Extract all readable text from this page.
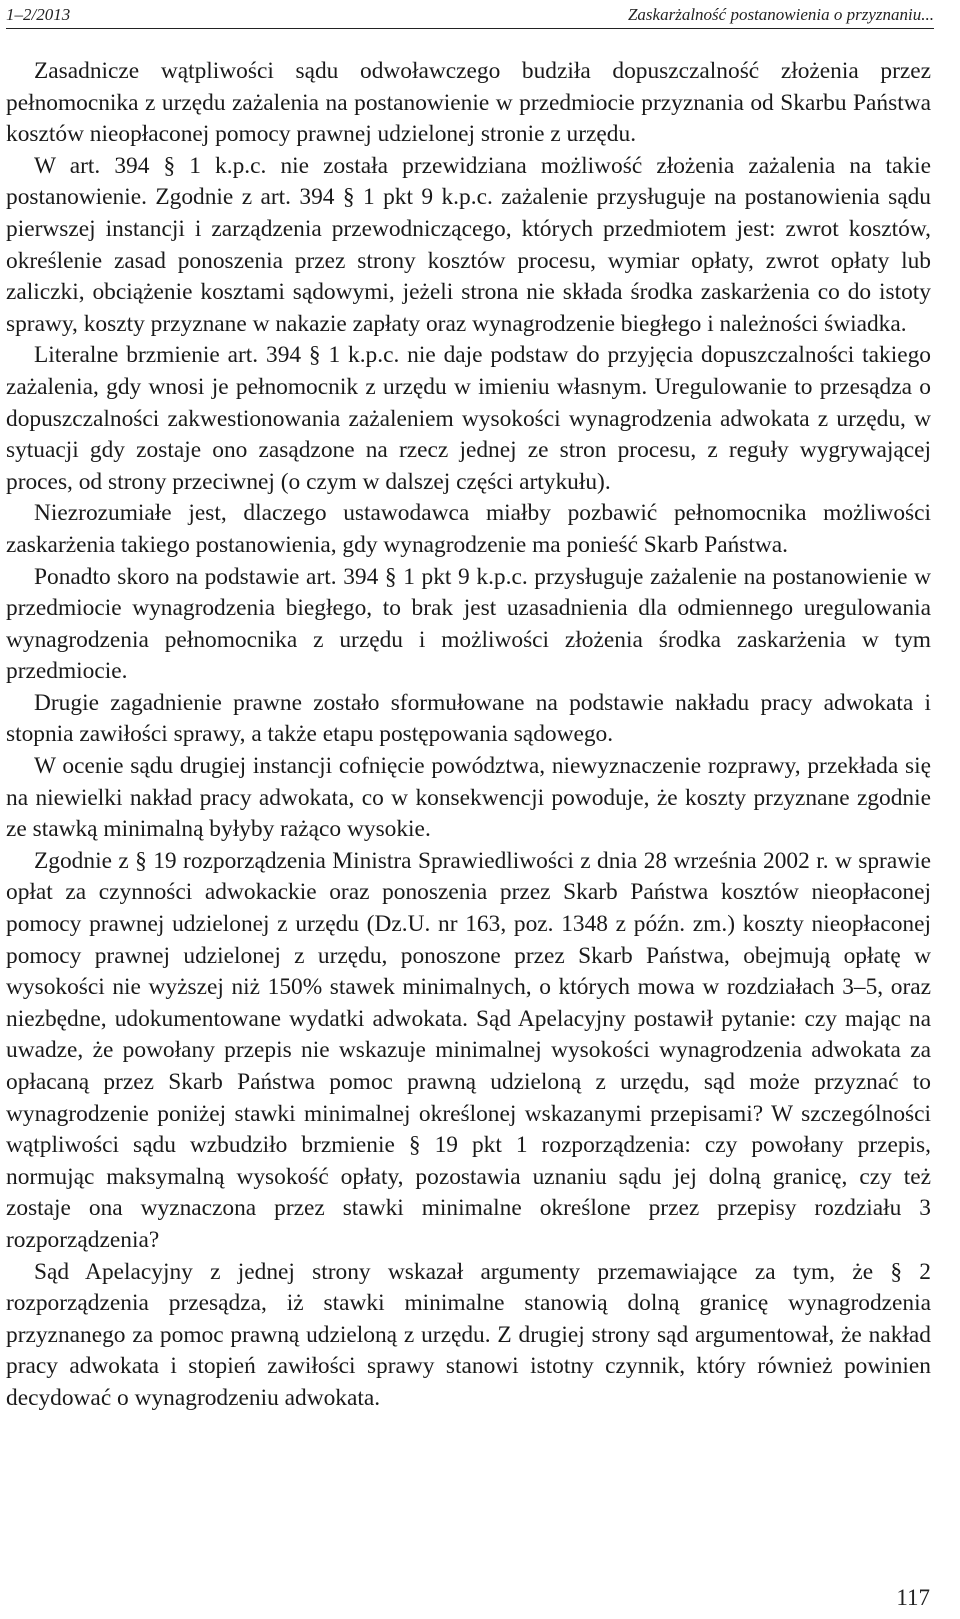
1–2/2013	Zaskarżalność postanowienia o przyznaniu...

Zasadnicze wątpliwości sądu odwoławczego budziła dopuszczalność złożenia przez pełnomocnika z urzędu zażalenia na postanowienie w przedmiocie przyznania od Skarbu Państwa kosztów nieopłaconej pomocy prawnej udzielonej stronie z urzędu.

W art. 394 § 1 k.p.c. nie została przewidziana możliwość złożenia zażalenia na takie postanowienie. Zgodnie z art. 394 § 1 pkt 9 k.p.c. zażalenie przysługuje na postanowienia sądu pierwszej instancji i zarządzenia przewodniczącego, których przedmiotem jest: zwrot kosztów, określenie zasad ponoszenia przez strony kosztów procesu, wymiar opłaty, zwrot opłaty lub zaliczki, obciążenie kosztami sądowymi, jeżeli strona nie składa środka zaskarżenia co do istoty sprawy, koszty przyznane w nakazie zapłaty oraz wynagrodzenie biegłego i należności świadka.

Literalne brzmienie art. 394 § 1 k.p.c. nie daje podstaw do przyjęcia dopuszczalności takiego zażalenia, gdy wnosi je pełnomocnik z urzędu w imieniu własnym. Uregulowanie to przesądza o dopuszczalności zakwestionowania zażaleniem wysokości wynagrodzenia adwokata z urzędu, w sytuacji gdy zostaje ono zasądzone na rzecz jednej ze stron procesu, z reguły wygrywającej proces, od strony przeciwnej (o czym w dalszej części artykułu).

Niezrozumiałe jest, dlaczego ustawodawca miałby pozbawić pełnomocnika możliwości zaskarżenia takiego postanowienia, gdy wynagrodzenie ma ponieść Skarb Państwa.

Ponadto skoro na podstawie art. 394 § 1 pkt 9 k.p.c. przysługuje zażalenie na postanowienie w przedmiocie wynagrodzenia biegłego, to brak jest uzasadnienia dla odmiennego uregulowania wynagrodzenia pełnomocnika z urzędu i możliwości złożenia środka zaskarżenia w tym przedmiocie.

Drugie zagadnienie prawne zostało sformułowane na podstawie nakładu pracy adwokata i stopnia zawiłości sprawy, a także etapu postępowania sądowego.

W ocenie sądu drugiej instancji cofnięcie powództwa, niewyznaczenie rozprawy, przekłada się na niewielki nakład pracy adwokata, co w konsekwencji powoduje, że koszty przyznane zgodnie ze stawką minimalną byłyby rażąco wysokie.

Zgodnie z § 19 rozporządzenia Ministra Sprawiedliwości z dnia 28 września 2002 r. w sprawie opłat za czynności adwokackie oraz ponoszenia przez Skarb Państwa kosztów nieopłaconej pomocy prawnej udzielonej z urzędu (Dz.U. nr 163, poz. 1348 z późn. zm.) koszty nieopłaconej pomocy prawnej udzielonej z urzędu, ponoszone przez Skarb Państwa, obejmują opłatę w wysokości nie wyższej niż 150% stawek minimalnych, o których mowa w rozdziałach 3–5, oraz niezbędne, udokumentowane wydatki adwokata. Sąd Apelacyjny postawił pytanie: czy mając na uwadze, że powołany przepis nie wskazuje minimalnej wysokości wynagrodzenia adwokata za opłacaną przez Skarb Państwa pomoc prawną udzieloną z urzędu, sąd może przyznać to wynagrodzenie poniżej stawki minimalnej określonej wskazanymi przepisami? W szczególności wątpliwości sądu wzbudziło brzmienie § 19 pkt 1 rozporządzenia: czy powołany przepis, normując maksymalną wysokość opłaty, pozostawia uznaniu sądu jej dolną granicę, czy też zostaje ona wyznaczona przez stawki minimalne określone przez przepisy rozdziału 3 rozporządzenia?

Sąd Apelacyjny z jednej strony wskazał argumenty przemawiające za tym, że § 2 rozporządzenia przesądza, iż stawki minimalne stanowią dolną granicę wynagrodzenia przyznanego za pomoc prawną udzieloną z urzędu. Z drugiej strony sąd argumentował, że nakład pracy adwokata i stopień zawiłości sprawy stanowi istotny czynnik, który również powinien decydować o wynagrodzeniu adwokata.

117
